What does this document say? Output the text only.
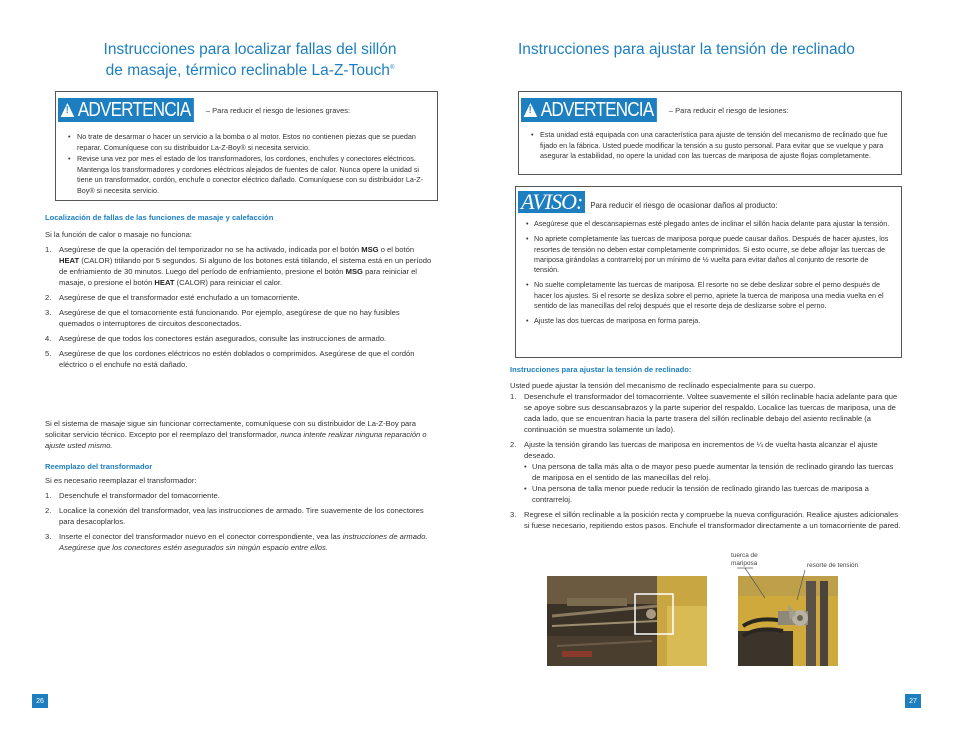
Instrucciones para localizar fallas del sillón
de masaje, térmico reclinable La-Z-Touch®
! ADVERTENCIA – Para reducir el riesgo de lesiones graves:
• No trate de desarmar o hacer un servicio a la bomba o al motor. Estos no contienen piezas que se puedan reparar. Comuníquese con su distribuidor La-Z-Boy® si necesita servicio.
• Revise una vez por mes el estado de los transformadores, los cordones, enchufes y conectores eléctricos. Mantenga los transformadores y cordones eléctricos alejados de fuentes de calor. Nunca opere la unidad si tiene un transformador, cordón, enchufe o conector eléctrico dañado. Comuníquese con su distribuidor La-Z-Boy® si necesita servicio.
Localización de fallas de las funciones de masaje y calefacción

Si la función de calor o masaje no funciona:

1. Asegúrese de que la operación del temporizador no se ha activado, indicada por el botón MSG o el botón HEAT (CALOR) titilando por 5 segundos. Si alguno de los botones está titilando, el sistema está en un período de enfriamiento de 30 minutos. Luego del período de enfriamiento, presione el botón MSG para reiniciar el masaje, o presione el botón HEAT (CALOR) para reiniciar el calor.
2. Asegúrese de que el transformador esté enchufado a un tomacorriente.
3. Asegúrese de que el tomacorriente está funcionando. Por ejemplo, asegúrese de que no hay fusibles quemados o interruptores de circuitos desconectados.
4. Asegúrese de que todos los conectores están asegurados, consulte las instrucciones de armado.
5. Asegúrese de que los cordones eléctricos no estén doblados o comprimidos. Asegúrese de que el cordón eléctrico o el enchufe no está dañado.
Si el sistema de masaje sigue sin funcionar correctamente, comuníquese con su distribuidor de La-Z-Boy para solicitar servicio técnico. Excepto por el reemplazo del transformador, nunca intente realizar ninguna reparación o ajuste usted mismo.
Reemplazo del transformador

Si es necesario reemplazar el transformador:

1. Desenchufe el transformador del tomacorriente.
2. Localice la conexión del transformador, vea las instrucciones de armado. Tire suavemente de los conectores para desacoplarlos.
3. Inserte el conector del transformador nuevo en el conector correspondiente, vea las instrucciones de armado. Asegúrese que los conectores estén asegurados sin ningún espacio entre ellos.
26
Instrucciones para ajustar la tensión de reclinado
! ADVERTENCIA – Para reducir el riesgo de lesiones:
• Esta unidad está equipada con una característica para ajuste de tensión del mecanismo de reclinado que fue fijado en la fábrica. Usted puede modificar la tensión a su gusto personal. Para evitar que se vuelque y para asegurar la estabilidad, no opere la unidad con las tuercas de mariposa de ajuste flojas completamente.
AVISO:	Para reducir el riesgo de ocasionar daños al producto:
• Asegúrese que el descansapiernas esté plegado antes de inclinar el sillón hacia delante para ajustar la tensión.
• No apriete completamente las tuercas de mariposa porque puede causar daños. Después de hacer ajustes, los resortes de tensión no deben estar completamente comprimidos. Si esto ocurre, se debe aflojar las tuercas de mariposa girándolas a contrarreloj por un mínimo de ½ vuelta para evitar daños al conjunto de resorte de tensión.
• No suelte completamente las tuercas de mariposa. El resorte no se debe deslizar sobre el perno después de hacer los ajustes. Si el resorte se desliza sobre el perno, apriete la tuerca de mariposa una media vuelta en el sentido de las manecillas del reloj después que el resorte deja de deslizarse sobre el perno.
• Ajuste las dos tuercas de mariposa en forma pareja.
Instrucciones para ajustar la tensión de reclinado:

Usted puede ajustar la tensión del mecanismo de reclinado especialmente para su cuerpo.

1. Desenchufe el transformador del tomacorriente. Voltee suavemente el sillón reclinable hacia adelante para que se apoye sobre sus descansabrazos y la parte superior del respaldo. Localice las tuercas de mariposa, una de cada lado, que se encuentran hacia la parte trasera del sillón reclinable debajo del asiento reclinable (a continuación se muestra solamente un lado).
2. Ajuste la tensión girando las tuercas de mariposa en incrementos de ¼ de vuelta hasta alcanzar el ajuste deseado.
• Una persona de talla más alta o de mayor peso puede aumentar la tensión de reclinado girando las tuercas de mariposa en el sentido de las manecillas del reloj.
• Una persona de talla menor puede reducir la tensión de reclinado girando las tuercas de mariposa a contrarreloj.
3. Regrese el sillón reclinable a la posición recta y compruebe la nueva configuración. Realice ajustes adicionales si fuese necesario, repitiendo estos pasos. Enchufe el transformador directamente a un tomacorriente de pared.
tuerca de mariposa	resorte de tensión
27
